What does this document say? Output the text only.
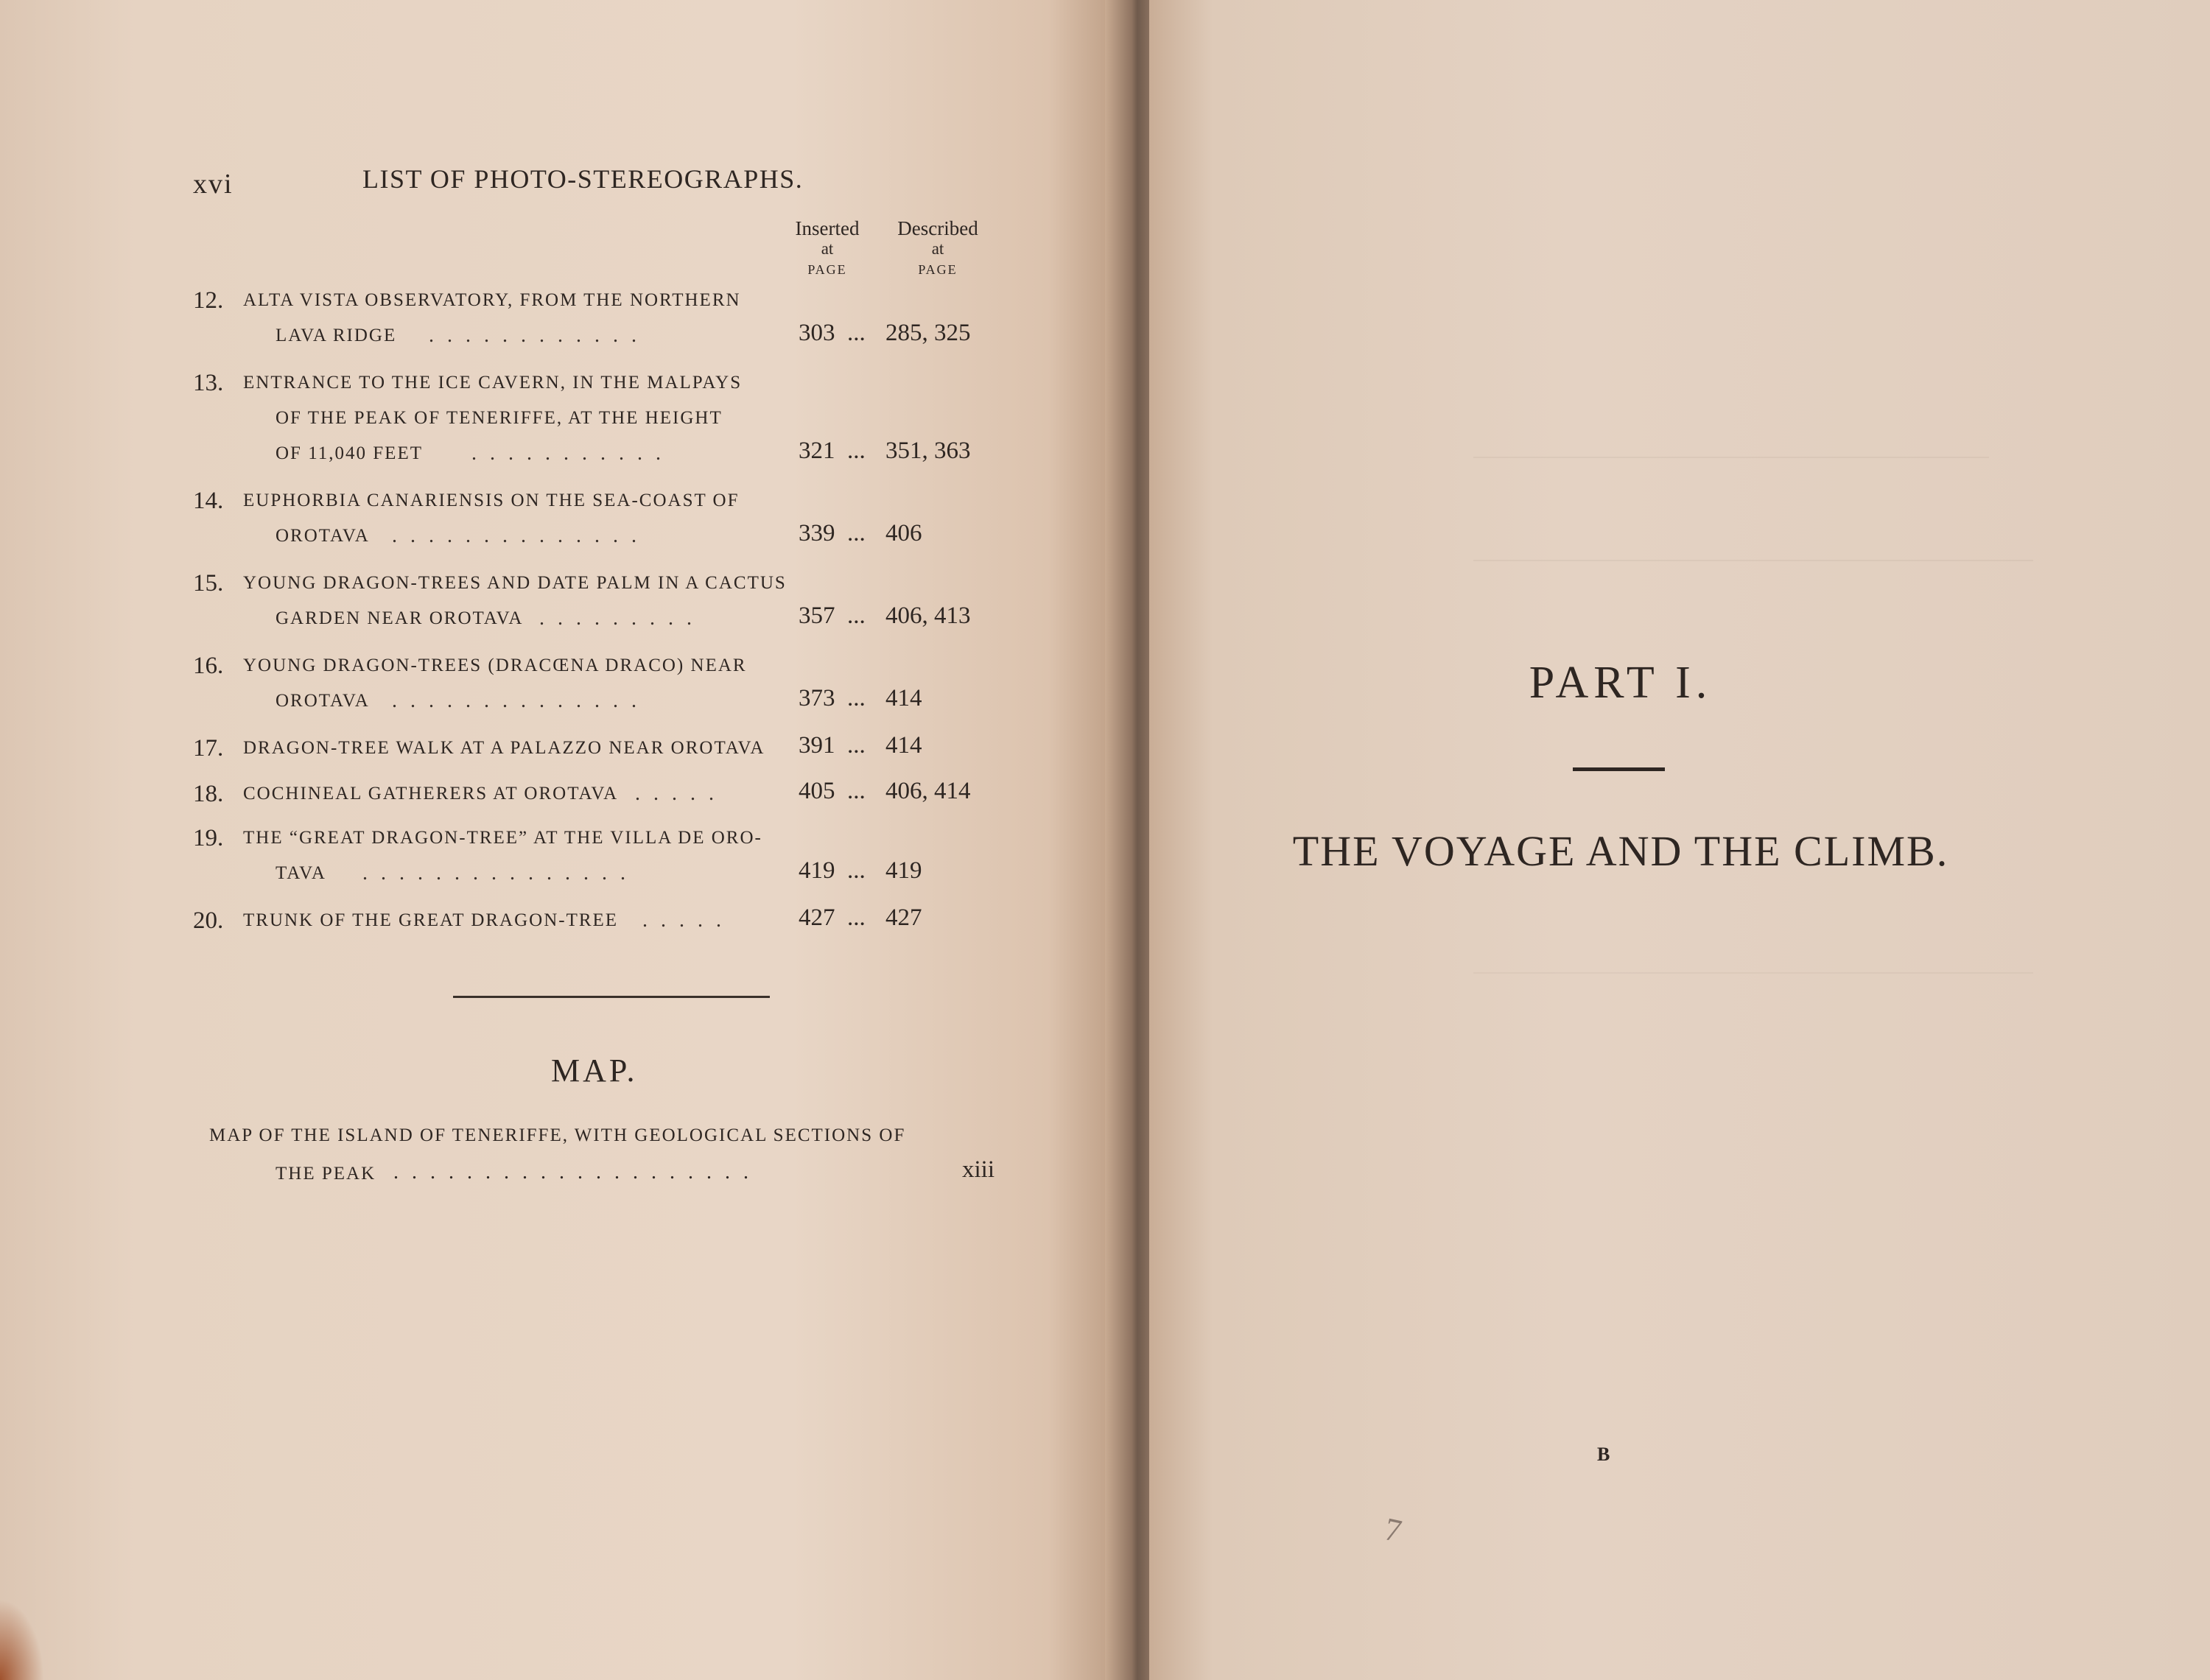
xvi	LIST OF PHOTO-STEREOGRAPHS.
Inserted
at
PAGE
Described
at
PAGE
12. ALTA VISTA OBSERVATORY, FROM THE NORTHERN
LAVA RIDGE ............	303 ... 285, 325
13. ENTRANCE TO THE ICE CAVERN, IN THE MALPAYS
OF THE PEAK OF TENERIFFE, AT THE HEIGHT
OF 11,040 FEET ...........	321 ... 351, 363
14. EUPHORBIA CANARIENSIS ON THE SEA-COAST OF
OROTAVA ..............	339 ... 406
15. YOUNG DRAGON-TREES AND DATE PALM IN A CACTUS
GARDEN NEAR OROTAVA .........	357 ... 406, 413
16. YOUNG DRAGON-TREES (DRACŒNA DRACO) NEAR
OROTAVA ..............	373 ... 414
17. DRAGON-TREE WALK AT A PALAZZO NEAR OROTAVA 391 ... 414
18. COCHINEAL GATHERERS AT OROTAVA .....	405 ... 406, 414
19. THE “GREAT DRAGON-TREE” AT THE VILLA DE ORO-
TAVA ...............	419 ... 419
20. TRUNK OF THE GREAT DRAGON-TREE .....	427 ... 427
MAP.
MAP OF THE ISLAND OF TENERIFFE, WITH GEOLOGICAL SECTIONS OF
THE PEAK ....................	xiii
PART I.
THE VOYAGE AND THE CLIMB.
B
7
